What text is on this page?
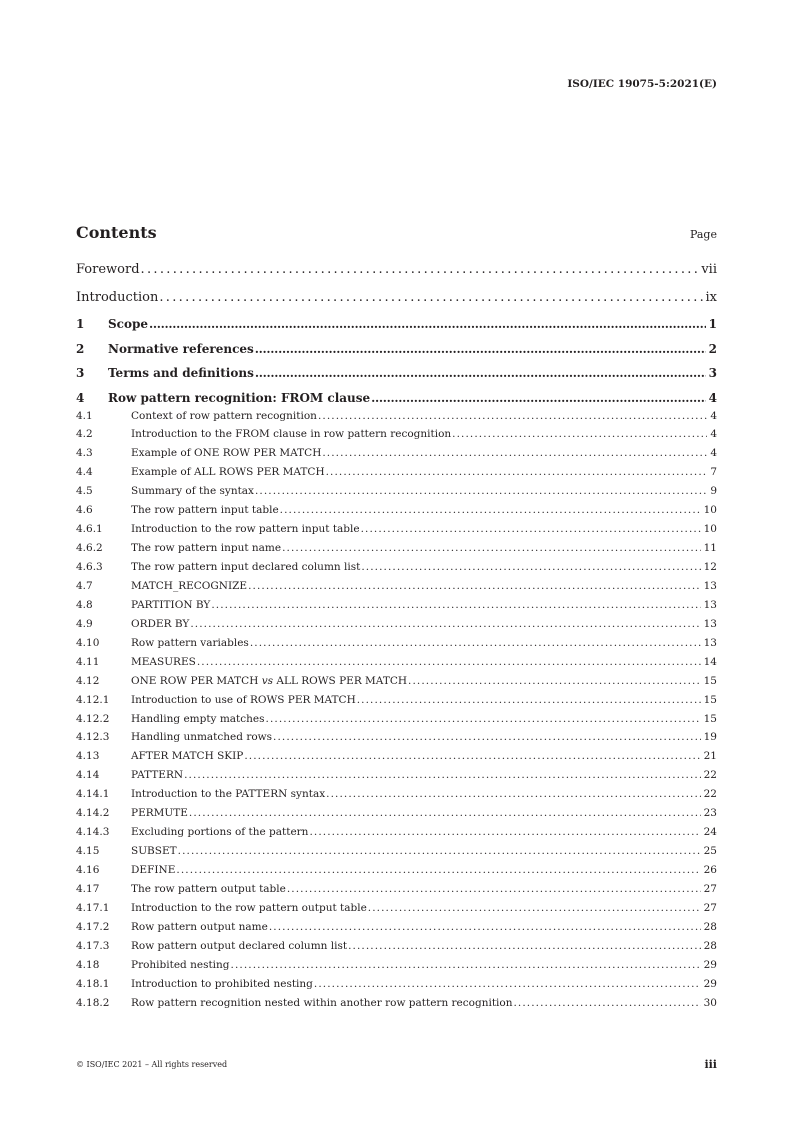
ISO/IEC 19075-5:2021(E)
Contents	Page
Foreword .....	vii
Introduction .....	ix
1	Scope .....	1
2	Normative references .....	2
3	Terms and definitions .....	3
4	Row pattern recognition: FROM clause .....	4
4.1	Context of row pattern recognition .....	4
4.2	Introduction to the FROM clause in row pattern recognition .....	4
4.3	Example of ONE ROW PER MATCH .....	4
4.4	Example of ALL ROWS PER MATCH .....	7
4.5	Summary of the syntax .....	9
4.6	The row pattern input table .....	10
4.6.1	Introduction to the row pattern input table .....	10
4.6.2	The row pattern input name .....	11
4.6.3	The row pattern input declared column list .....	12
4.7	MATCH_RECOGNIZE .....	13
4.8	PARTITION BY .....	13
4.9	ORDER BY .....	13
4.10	Row pattern variables .....	13
4.11	MEASURES .....	14
4.12	ONE ROW PER MATCH vs ALL ROWS PER MATCH .....	15
4.12.1	Introduction to use of ROWS PER MATCH .....	15
4.12.2	Handling empty matches .....	15
4.12.3	Handling unmatched rows .....	19
4.13	AFTER MATCH SKIP .....	21
4.14	PATTERN .....	22
4.14.1	Introduction to the PATTERN syntax .....	22
4.14.2	PERMUTE .....	23
4.14.3	Excluding portions of the pattern .....	24
4.15	SUBSET .....	25
4.16	DEFINE .....	26
4.17	The row pattern output table .....	27
4.17.1	Introduction to the row pattern output table .....	27
4.17.2	Row pattern output name .....	28
4.17.3	Row pattern output declared column list .....	28
4.18	Prohibited nesting .....	29
4.18.1	Introduction to prohibited nesting .....	29
4.18.2	Row pattern recognition nested within another row pattern recognition .....	30
© ISO/IEC 2021 – All rights reserved	iii
